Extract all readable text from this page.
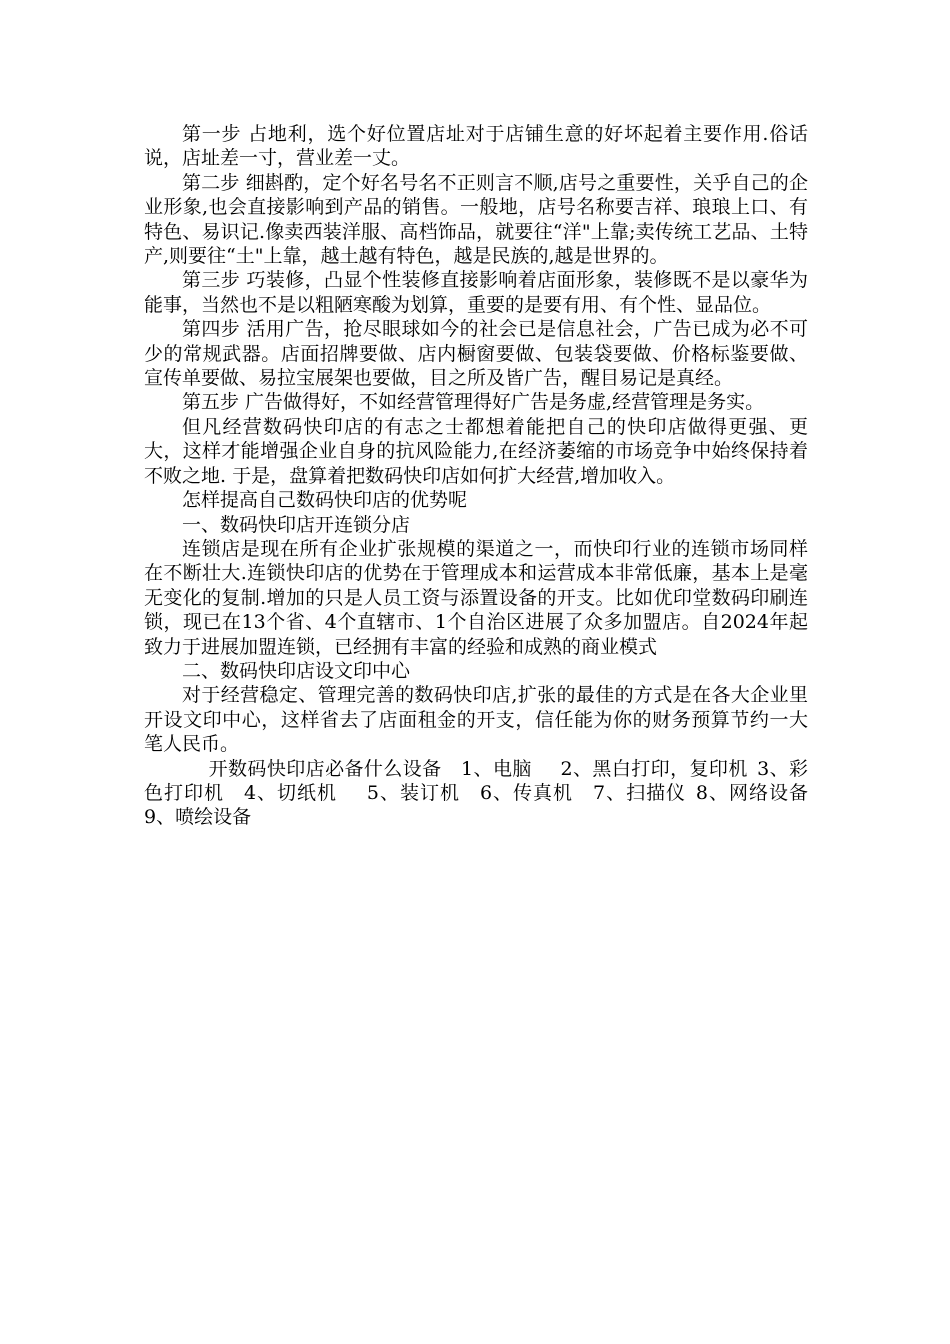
第一步 占地利，选个好位置店址对于店铺生意的好坏起着主要作用.俗话说，店址差一寸，营业差一丈。

第二步 细斟酌，定个好名号名不正则言不顺,店号之重要性，关乎自己的企业形象,也会直接影响到产品的销售。一般地，店号名称要吉祥、琅琅上口、有特色、易识记.像卖西装洋服、高档饰品，就要往“洋"上靠;卖传统工艺品、土特产,则要往“土"上靠，越土越有特色，越是民族的,越是世界的。

第三步 巧装修，凸显个性装修直接影响着店面形象，装修既不是以豪华为能事，当然也不是以粗陋寒酸为划算，重要的是要有用、有个性、显品位。

第四步 活用广告，抢尽眼球如今的社会已是信息社会，广告已成为必不可少的常规武器。店面招牌要做、店内橱窗要做、包装袋要做、价格标鉴要做、宣传单要做、易拉宝展架也要做，目之所及皆广告，醒目易记是真经。

第五步 广告做得好，不如经营管理得好广告是务虚,经营管理是务实。

但凡经营数码快印店的有志之士都想着能把自己的快印店做得更强、更大，这样才能增强企业自身的抗风险能力,在经济萎缩的市场竞争中始终保持着不败之地. 于是，盘算着把数码快印店如何扩大经营,增加收入。

怎样提高自己数码快印店的优势呢

一、数码快印店开连锁分店

连锁店是现在所有企业扩张规模的渠道之一，而快印行业的连锁市场同样在不断壮大.连锁快印店的优势在于管理成本和运营成本非常低廉，基本上是毫无变化的复制.增加的只是人员工资与添置设备的开支。比如优印堂数码印刷连锁，现已在13个省、4个直辖市、1个自治区进展了众多加盟店。自2024年起致力于进展加盟连锁，已经拥有丰富的经验和成熟的商业模式

二、数码快印店设文印中心

对于经营稳定、管理完善的数码快印店,扩张的最佳的方式是在各大企业里开设文印中心，这样省去了店面租金的开支，信任能为你的财务预算节约一大笔人民币。

开数码快印店必备什么设备　1、电脑　 2、黑白打印，复印机 3、彩色打印机　4、切纸机　 5、装订机　6、传真机　7、扫描仪 8、网络设备　9、喷绘设备
